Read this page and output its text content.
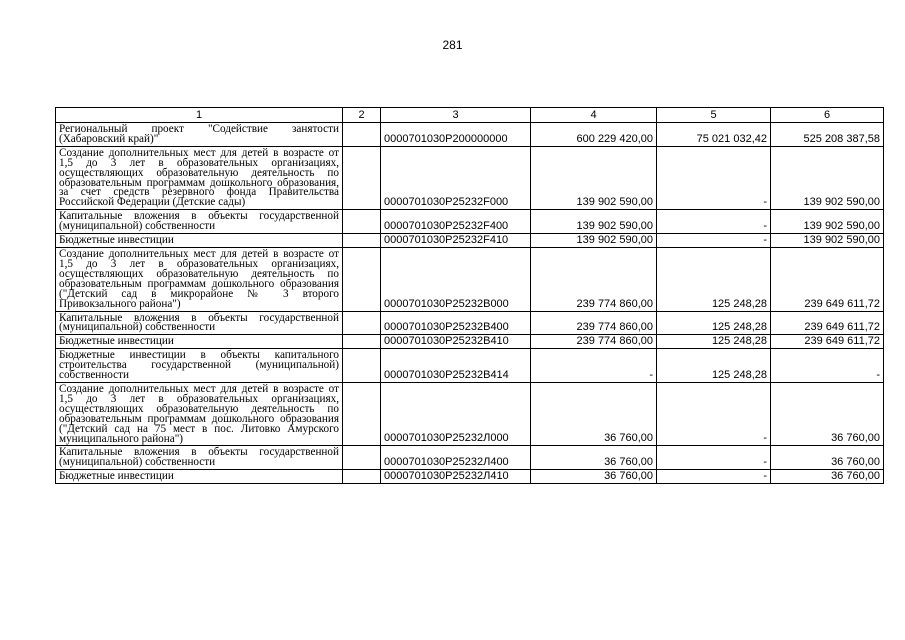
281
1	2	3	4	5	6
Региональный проект "Содействие занятости (Хабаровский край)"		0000701030P200000000	600 229 420,00	75 021 032,42	525 208 387,58
Создание дополнительных мест для детей в возрасте от 1,5 до 3 лет в образовательных организациях, осуществляющих образовательную деятельность по образовательным программам дошкольного образования, за счет средств резервного фонда Правительства Российской Федерации (Детские сады)		0000701030P25232F000	139 902 590,00	-	139 902 590,00
Капитальные вложения в объекты государственной (муниципальной) собственности		0000701030P25232F400	139 902 590,00	-	139 902 590,00
Бюджетные инвестиции		0000701030P25232F410	139 902 590,00	-	139 902 590,00
Создание дополнительных мест для детей в возрасте от 1,5 до 3 лет в образовательных организациях, осуществляющих образовательную деятельность по образовательным программам дошкольного образования ("Детский сад в микрорайоне № 3 второго Привокзального района")		0000701030P25232B000	239 774 860,00	125 248,28	239 649 611,72
Капитальные вложения в объекты государственной (муниципальной) собственности		0000701030P25232B400	239 774 860,00	125 248,28	239 649 611,72
Бюджетные инвестиции		0000701030P25232B410	239 774 860,00	125 248,28	239 649 611,72
Бюджетные инвестиции в объекты капитального строительства государственной (муниципальной) собственности		0000701030P25232B414	-	125 248,28	-
Создание дополнительных мест для детей в возрасте от 1,5 до 3 лет в образовательных организациях, осуществляющих образовательную деятельность по образовательным программам дошкольного образования ("Детский сад на 75 мест в пос. Литовко Амурского муниципального района")		0000701030P25232Л000	36 760,00	-	36 760,00
Капитальные вложения в объекты государственной (муниципальной) собственности		0000701030P25232Л400	36 760,00	-	36 760,00
Бюджетные инвестиции		0000701030P25232Л410	36 760,00	-	36 760,00
